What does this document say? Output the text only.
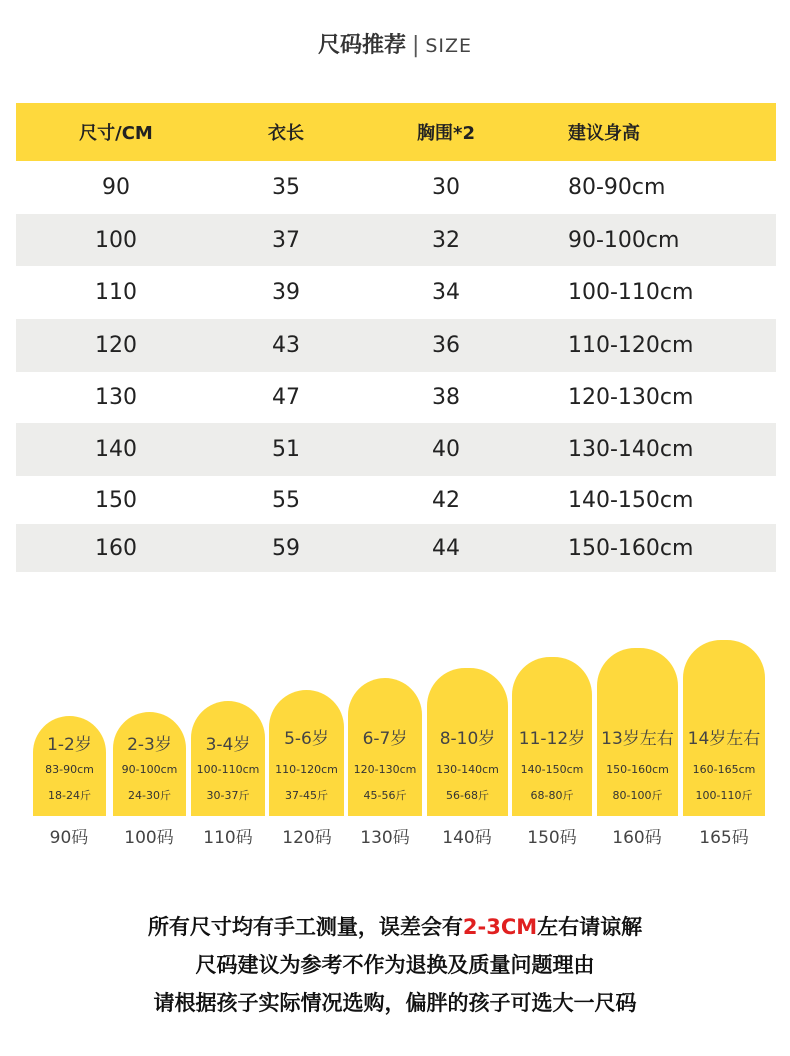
尺码推荐 | SIZE
尺寸/CM	衣长	胸围*2	建议身高
90	35	30	80-90cm
100	37	32	90-100cm
110	39	34	100-110cm
120	43	36	110-120cm
130	47	38	120-130cm
140	51	40	130-140cm
150	55	42	140-150cm
160	59	44	150-160cm
1-2岁
83-90cm
18-24斤
2-3岁
90-100cm
24-30斤
3-4岁
100-110cm
30-37斤
5-6岁
110-120cm
37-45斤
6-7岁
120-130cm
45-56斤
8-10岁
130-140cm
56-68斤
11-12岁
140-150cm
68-80斤
13岁左右
150-160cm
80-100斤
14岁左右
160-165cm
100-110斤
所有尺寸均有手工测量，误差会有2-3CM左右请谅解
尺码建议为参考不作为退换及质量问题理由
请根据孩子实际情况选购，偏胖的孩子可选大一尺码
90码	100码	110码	120码	130码	140码	150码	160码	165码
